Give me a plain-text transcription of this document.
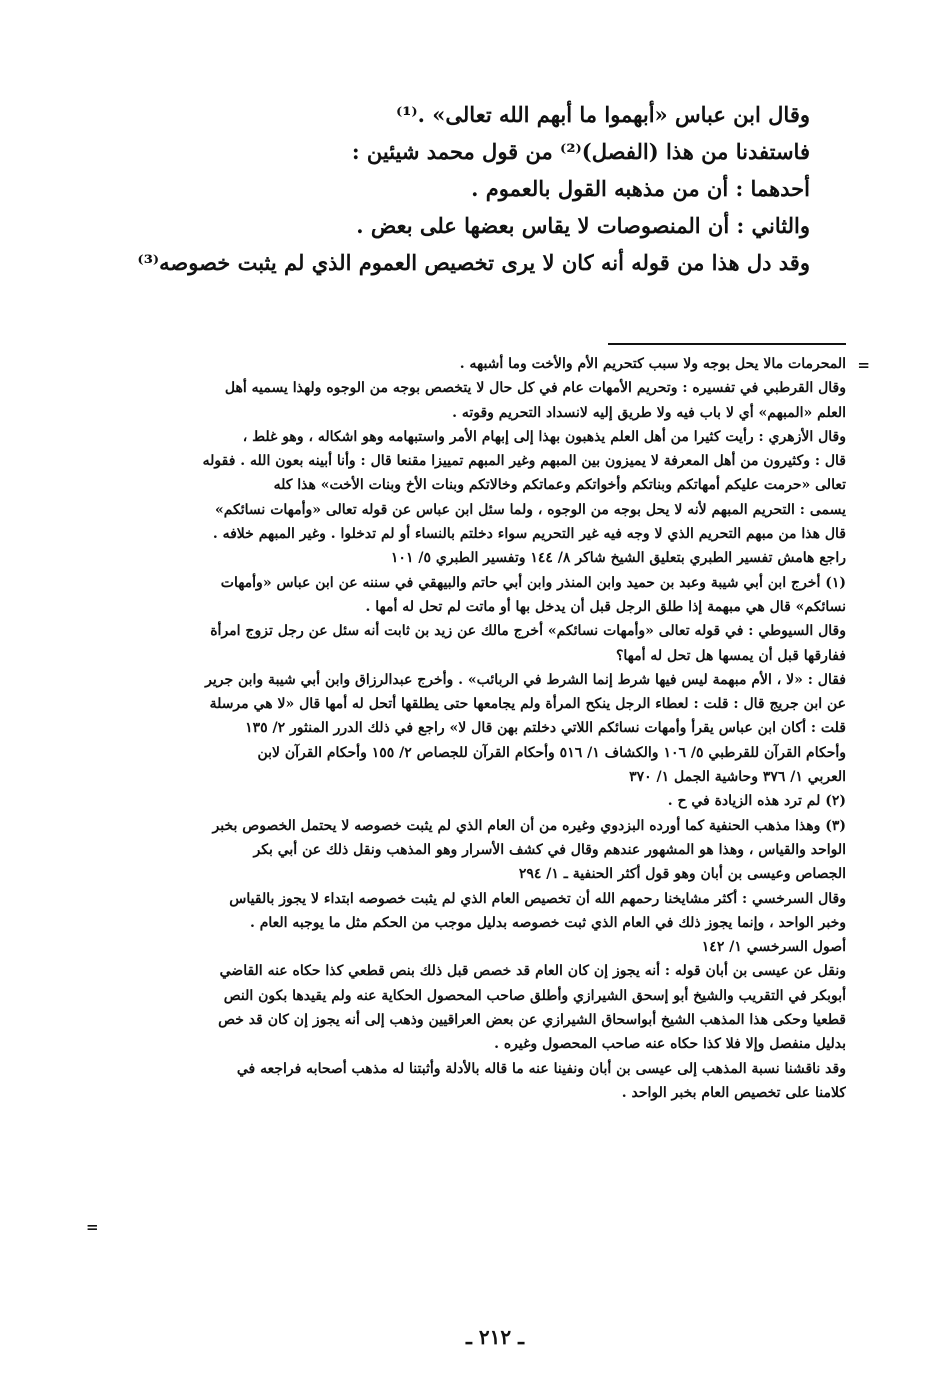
وقال ابن عباس «أبهموا ما أبهم الله تعالى» .⁽¹⁾

فاستفدنا من هذا (الفصل)⁽²⁾ من قول محمد شيئين :

أحدهما : أن من مذهبه القول بالعموم .

والثاني : أن المنصوصات لا يقاس بعضها على بعض .

وقد دل هذا من قوله أنه كان لا يرى تخصيص العموم الذي لم يثبت خصوصه⁽³⁾

=

المحرمات مالا يحل بوجه ولا سبب كتحريم الأم والأخت وما أشبهه .

وقال القرطبي في تفسيره : وتحريم الأمهات عام في كل حال لا يتخصص بوجه من الوجوه ولهذا يسميه أهل

العلم «المبهم» أي لا باب فيه ولا طريق إليه لانسداد التحريم وقوته .

وقال الأزهري : رأيت كثيرا من أهل العلم يذهبون بهذا إلى إبهام الأمر واستبهامه وهو اشكاله ، وهو غلط ،

قال : وكثيرون من أهل المعرفة لا يميزون بين المبهم وغير المبهم تمييزا مقنعا قال : وأنا أبينه بعون الله . فقوله

تعالى «حرمت عليكم أمهاتكم وبناتكم وأخواتكم وعماتكم وخالاتكم وبنات الأخ وبنات الأخت» هذا كله

يسمى : التحريم المبهم لأنه لا يحل بوجه من الوجوه ، ولما سئل ابن عباس عن قوله تعالى «وأمهات نسائكم»

قال هذا من مبهم التحريم الذي لا وجه فيه غير التحريم سواء دخلتم بالنساء أو لم تدخلوا . وغير المبهم خلافه .

راجع هامش تفسير الطبري بتعليق الشيخ شاكر ٨/ ١٤٤ وتفسير الطبري ٥/ ١٠١

(١) أخرج ابن أبي شيبة وعبد بن حميد وابن المنذر وابن أبي حاتم والبيهقي في سننه عن ابن عباس «وأمهات

نسائكم» قال هي مبهمة إذا طلق الرجل قبل أن يدخل بها أو ماتت لم تحل له أمها .

وقال السيوطي : في قوله تعالى «وأمهات نسائكم» أخرج مالك عن زيد بن ثابت أنه سئل عن رجل تزوج امرأة

ففارقها قبل أن يمسها هل تحل له أمها؟

فقال : «لا ، الأم مبهمة ليس فيها شرط إنما الشرط في الربائب» . وأخرج عبدالرزاق وابن أبي شيبة وابن جرير

عن ابن جريج قال : قلت : لعطاء الرجل ينكح المرأة ولم يجامعها حتى يطلقها أتحل له أمها قال «لا هي مرسلة

قلت : أكان ابن عباس يقرأ وأمهات نسائكم اللاتي دخلتم بهن قال لا» راجع في ذلك الدرر المنثور ٢/ ١٣٥

وأحكام القرآن للقرطبي ٥/ ١٠٦ والكشاف ١/ ٥١٦ وأحكام القرآن للجصاص ٢/ ١٥٥ وأحكام القرآن لابن

العربي ١/ ٣٧٦ وحاشية الجمل ١/ ٣٧٠

(٢) لم ترد هذه الزيادة في ح .

(٣) وهذا مذهب الحنفية كما أورده البزدوي وغيره من أن العام الذي لم يثبت خصوصه لا يحتمل الخصوص بخبر

الواحد والقياس ، وهذا هو المشهور عندهم وقال في كشف الأسرار وهو المذهب ونقل ذلك عن أبي بكر

الجصاص وعيسى بن أبان وهو قول أكثر الحنفية ـ ١/ ٢٩٤

وقال السرخسي : أكثر مشايخنا رحمهم الله أن تخصيص العام الذي لم يثبت خصوصه ابتداء لا يجوز بالقياس

وخبر الواحد ، وإنما يجوز ذلك في العام الذي ثبت خصوصه بدليل موجب من الحكم مثل ما يوجبه العام .

أصول السرخسي ١/ ١٤٢

ونقل عن عيسى بن أبان قوله : أنه يجوز إن كان العام قد خصص قبل ذلك بنص قطعي كذا حكاه عنه القاضي

أبوبكر في التقريب والشيخ أبو إسحق الشيرازي وأطلق صاحب المحصول الحكاية عنه ولم يقيدها بكون النص

قطعيا وحكى هذا المذهب الشيخ أبواسحاق الشيرازي عن بعض العراقيين وذهب إلى أنه يجوز إن كان قد خص

بدليل منفصل وإلا فلا كذا حكاه عنه صاحب المحصول وغيره .

وقد ناقشنا نسبة المذهب إلى عيسى بن أبان ونفينا عنه ما قاله بالأدلة وأثبتنا له مذهب أصحابه فراجعه في

كلامنا على تخصيص العام بخبر الواحد .

=
ـ ٢١٢ ـ
